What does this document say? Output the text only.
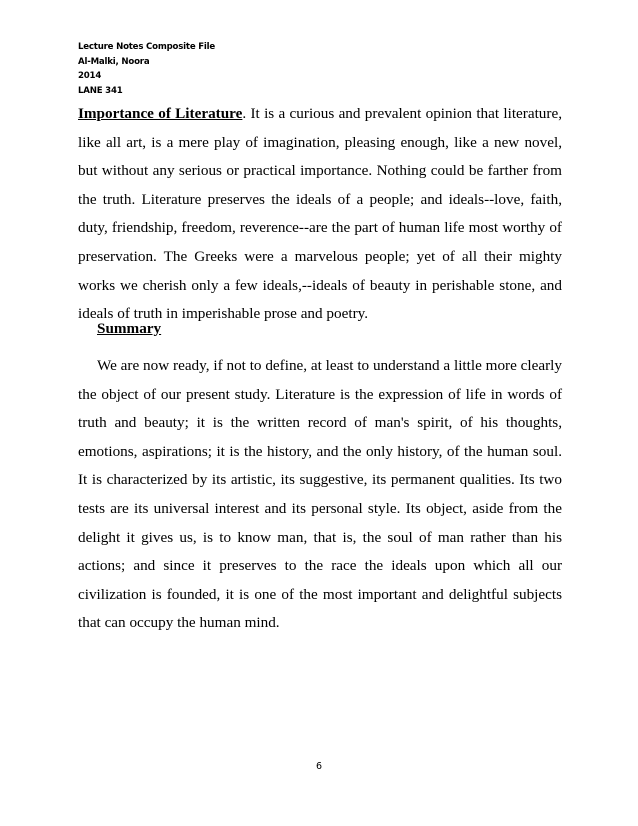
Lecture Notes Composite File
Al-Malki, Noora
2014
LANE 341

Importance of Literature. It is a curious and prevalent opinion that literature, like all art, is a mere play of imagination, pleasing enough, like a new novel, but without any serious or practical importance. Nothing could be farther from the truth. Literature preserves the ideals of a people; and ideals--love, faith, duty, friendship, freedom, reverence--are the part of human life most worthy of preservation. The Greeks were a marvelous people; yet of all their mighty works we cherish only a few ideals,--ideals of beauty in perishable stone, and ideals of truth in imperishable prose and poetry.

Summary

We are now ready, if not to define, at least to understand a little more clearly the object of our present study. Literature is the expression of life in words of truth and beauty; it is the written record of man's spirit, of his thoughts, emotions, aspirations; it is the history, and the only history, of the human soul. It is characterized by its artistic, its suggestive, its permanent qualities. Its two tests are its universal interest and its personal style. Its object, aside from the delight it gives us, is to know man, that is, the soul of man rather than his actions; and since it preserves to the race the ideals upon which all our civilization is founded, it is one of the most important and delightful subjects that can occupy the human mind.

6
